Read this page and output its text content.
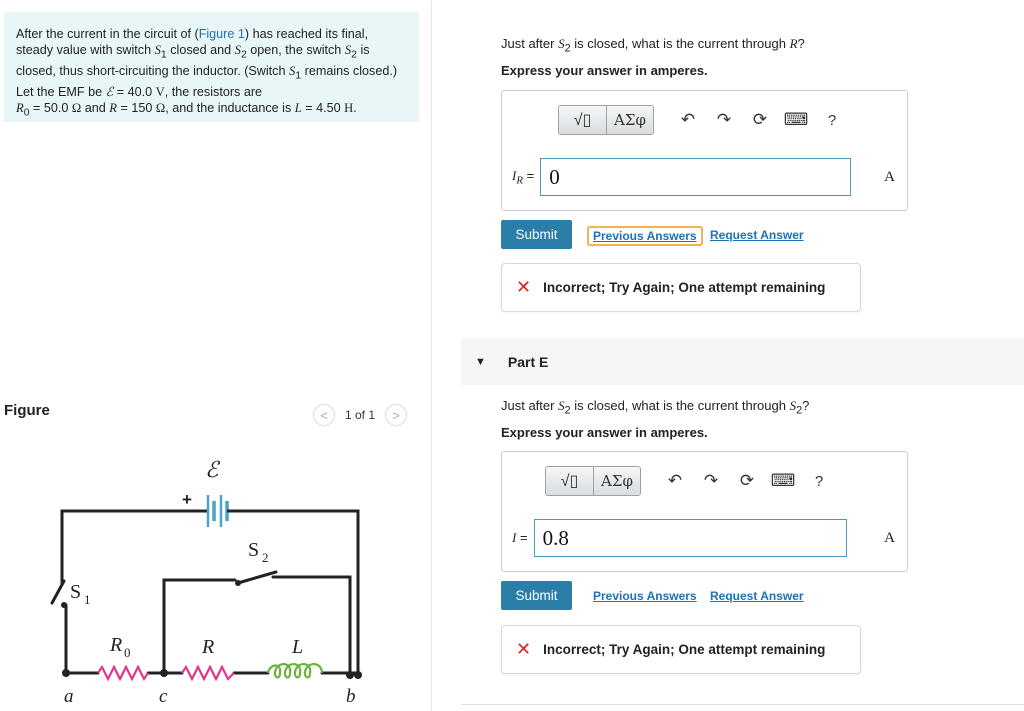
After the current in the circuit of (Figure 1) has reached its final, steady value with switch $S_1$ closed and $S_2$ open, the switch $S_2$ is closed, thus short-circuiting the inductor. (Switch $S_1$ remains closed.) Let the EMF be ℰ = 40.0 V, the resistors are
$R_0 = 50.0$ Ω and R = 150 Ω, and the inductance is L = 4.50 H.
Figure	< 1 of 1 >
ℰ
+
S 2
S 1
R 0	R	L
a	c	b
Just after $S_2$ is closed, what is the current through R?
Express your answer in amperes.
√▯	ΑΣφ	↶	↷	⟳ ⌨	?
$I_R = 0$	A
Submit	Previous Answers	Request Answer
✕ Incorrect; Try Again; One attempt remaining
▼ Part E
Just after $S_2$ is closed, what is the current through $S_2$?
Express your answer in amperes.
√▯	ΑΣφ	↶	↷	⟳ ⌨	?
I = 0.8	A
Submit	Previous Answers Request Answer
✕ Incorrect; Try Again; One attempt remaining
